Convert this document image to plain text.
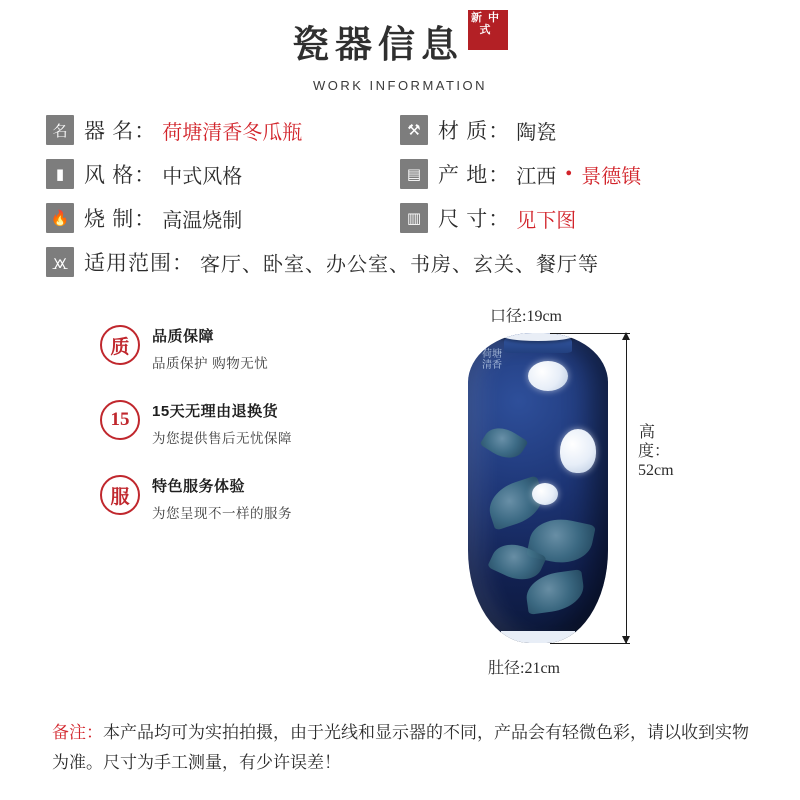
瓷器信息
新中
式
WORK INFORMATION
名 器 名： 荷塘清香冬瓜瓶	⚒ 材 质： 陶瓷
▮ 风 格： 中式风格	▤ 产 地： 江西 • 景德镇
🔥 烧 制： 高温烧制	▥ 尺 寸： 见下图
🝪 适用范围： 客厅、卧室、办公室、书房、玄关、餐厅等
质	品质保障
品质保护 购物无忧
15	15天无理由退换货
为您提供售后无忧保障
服	特色服务体验
为您呈现不一样的服务
口径:19cm
荷塘
清香
高度：52cm
肚径:21cm
备注：本产品均可为实拍拍摄，由于光线和显示器的不同，产品会有轻微色彩，请以收到实物为准。尺寸为手工测量，有少许误差！
